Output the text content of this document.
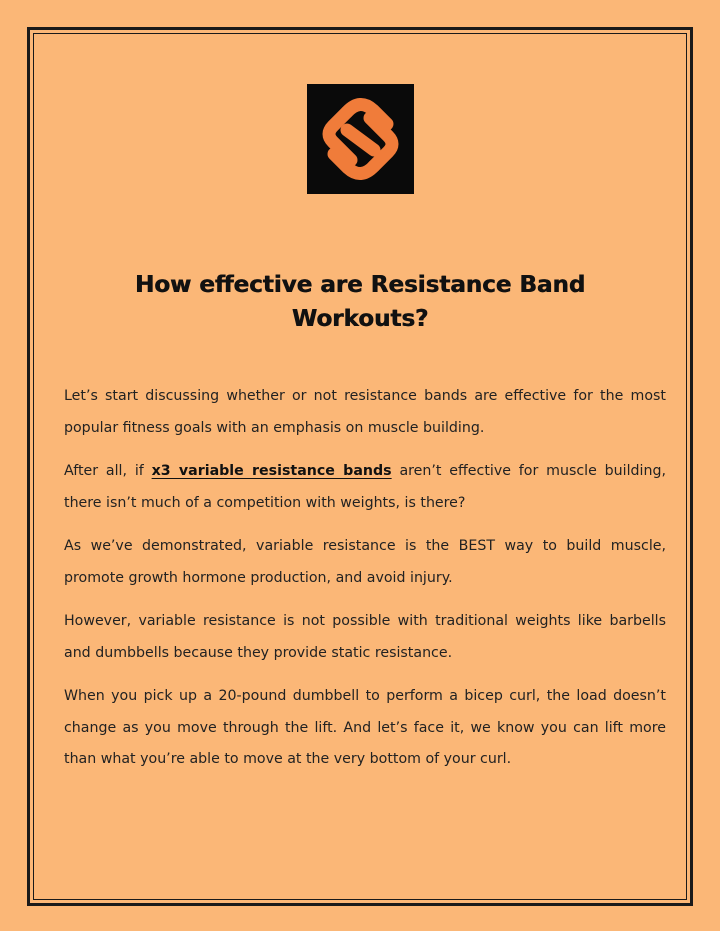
How effective are Resistance Band
Workouts?

Let’s start discussing whether or not resistance bands are effective for the most popular fitness goals with an emphasis on muscle building.

After all, if x3 variable resistance bands aren’t effective for muscle building, there isn’t much of a competition with weights, is there?

As we’ve demonstrated, variable resistance is the BEST way to build muscle, promote growth hormone production, and avoid injury.

However, variable resistance is not possible with traditional weights like barbells and dumbbells because they provide static resistance.

When you pick up a 20-pound dumbbell to perform a bicep curl, the load doesn’t change as you move through the lift. And let’s face it, we know you can lift more than what you’re able to move at the very bottom of your curl.
